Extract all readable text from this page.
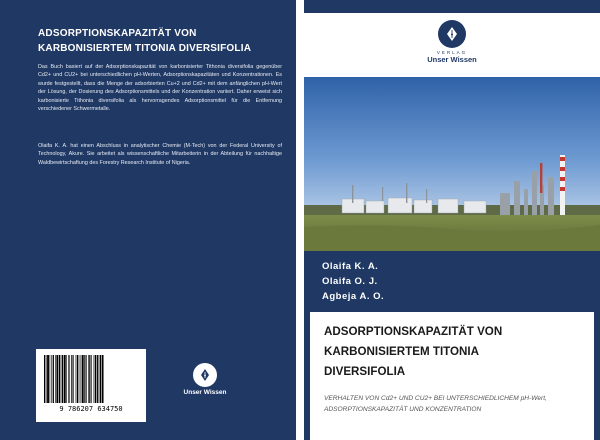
ADSORPTIONSKAPAZITÄT VON
KARBONISIERTEM TITONIA DIVERSIFOLIA

Das Buch basiert auf der Adsorptionskapazität von karbonisierter Tithonia diversifolia gegenüber Cd2+ und CU2+ bei unterschiedlichen pH-Werten, Adsorptionskapazitäten und Konzentrationen. Es wurde festgestellt, dass die Menge der adsorbierten Cu+2 und Cd2+ mit dem anfänglichen pH-Wert der Lösung, der Dosierung des Adsorptionsmittels und der Konzentration variiert. Daher erweist sich karbonisierte Tithonia diversifolia als hervorragendes Adsorptionsmittel für die Entfernung verschiedener Schwermetalle.

Olaifa K. A. hat einen Abschluss in analytischer Chemie (M-Tech) von der Federal University of Technology, Akure. Sie arbeitet als wissenschaftliche Mitarbeiterin in der Abteilung für nachhaltige Waldbewirtschaftung des Forestry Research Institute of Nigeria.

9 786207 634750
Unser Wissen
VERLAG
Unser Wissen
Olaifa K. A.
Olaifa O. J.
Agbeja A. O.
ADSORPTIONSKAPAZITÄT VON
KARBONISIERTEM TITONIA
DIVERSIFOLIA

VERHALTEN VON Cd2+ UND CU2+ BEI UNTERSCHIEDLICHEM pH-Wert, ADSORPTIONSKAPAZITÄT UND KONZENTRATION
